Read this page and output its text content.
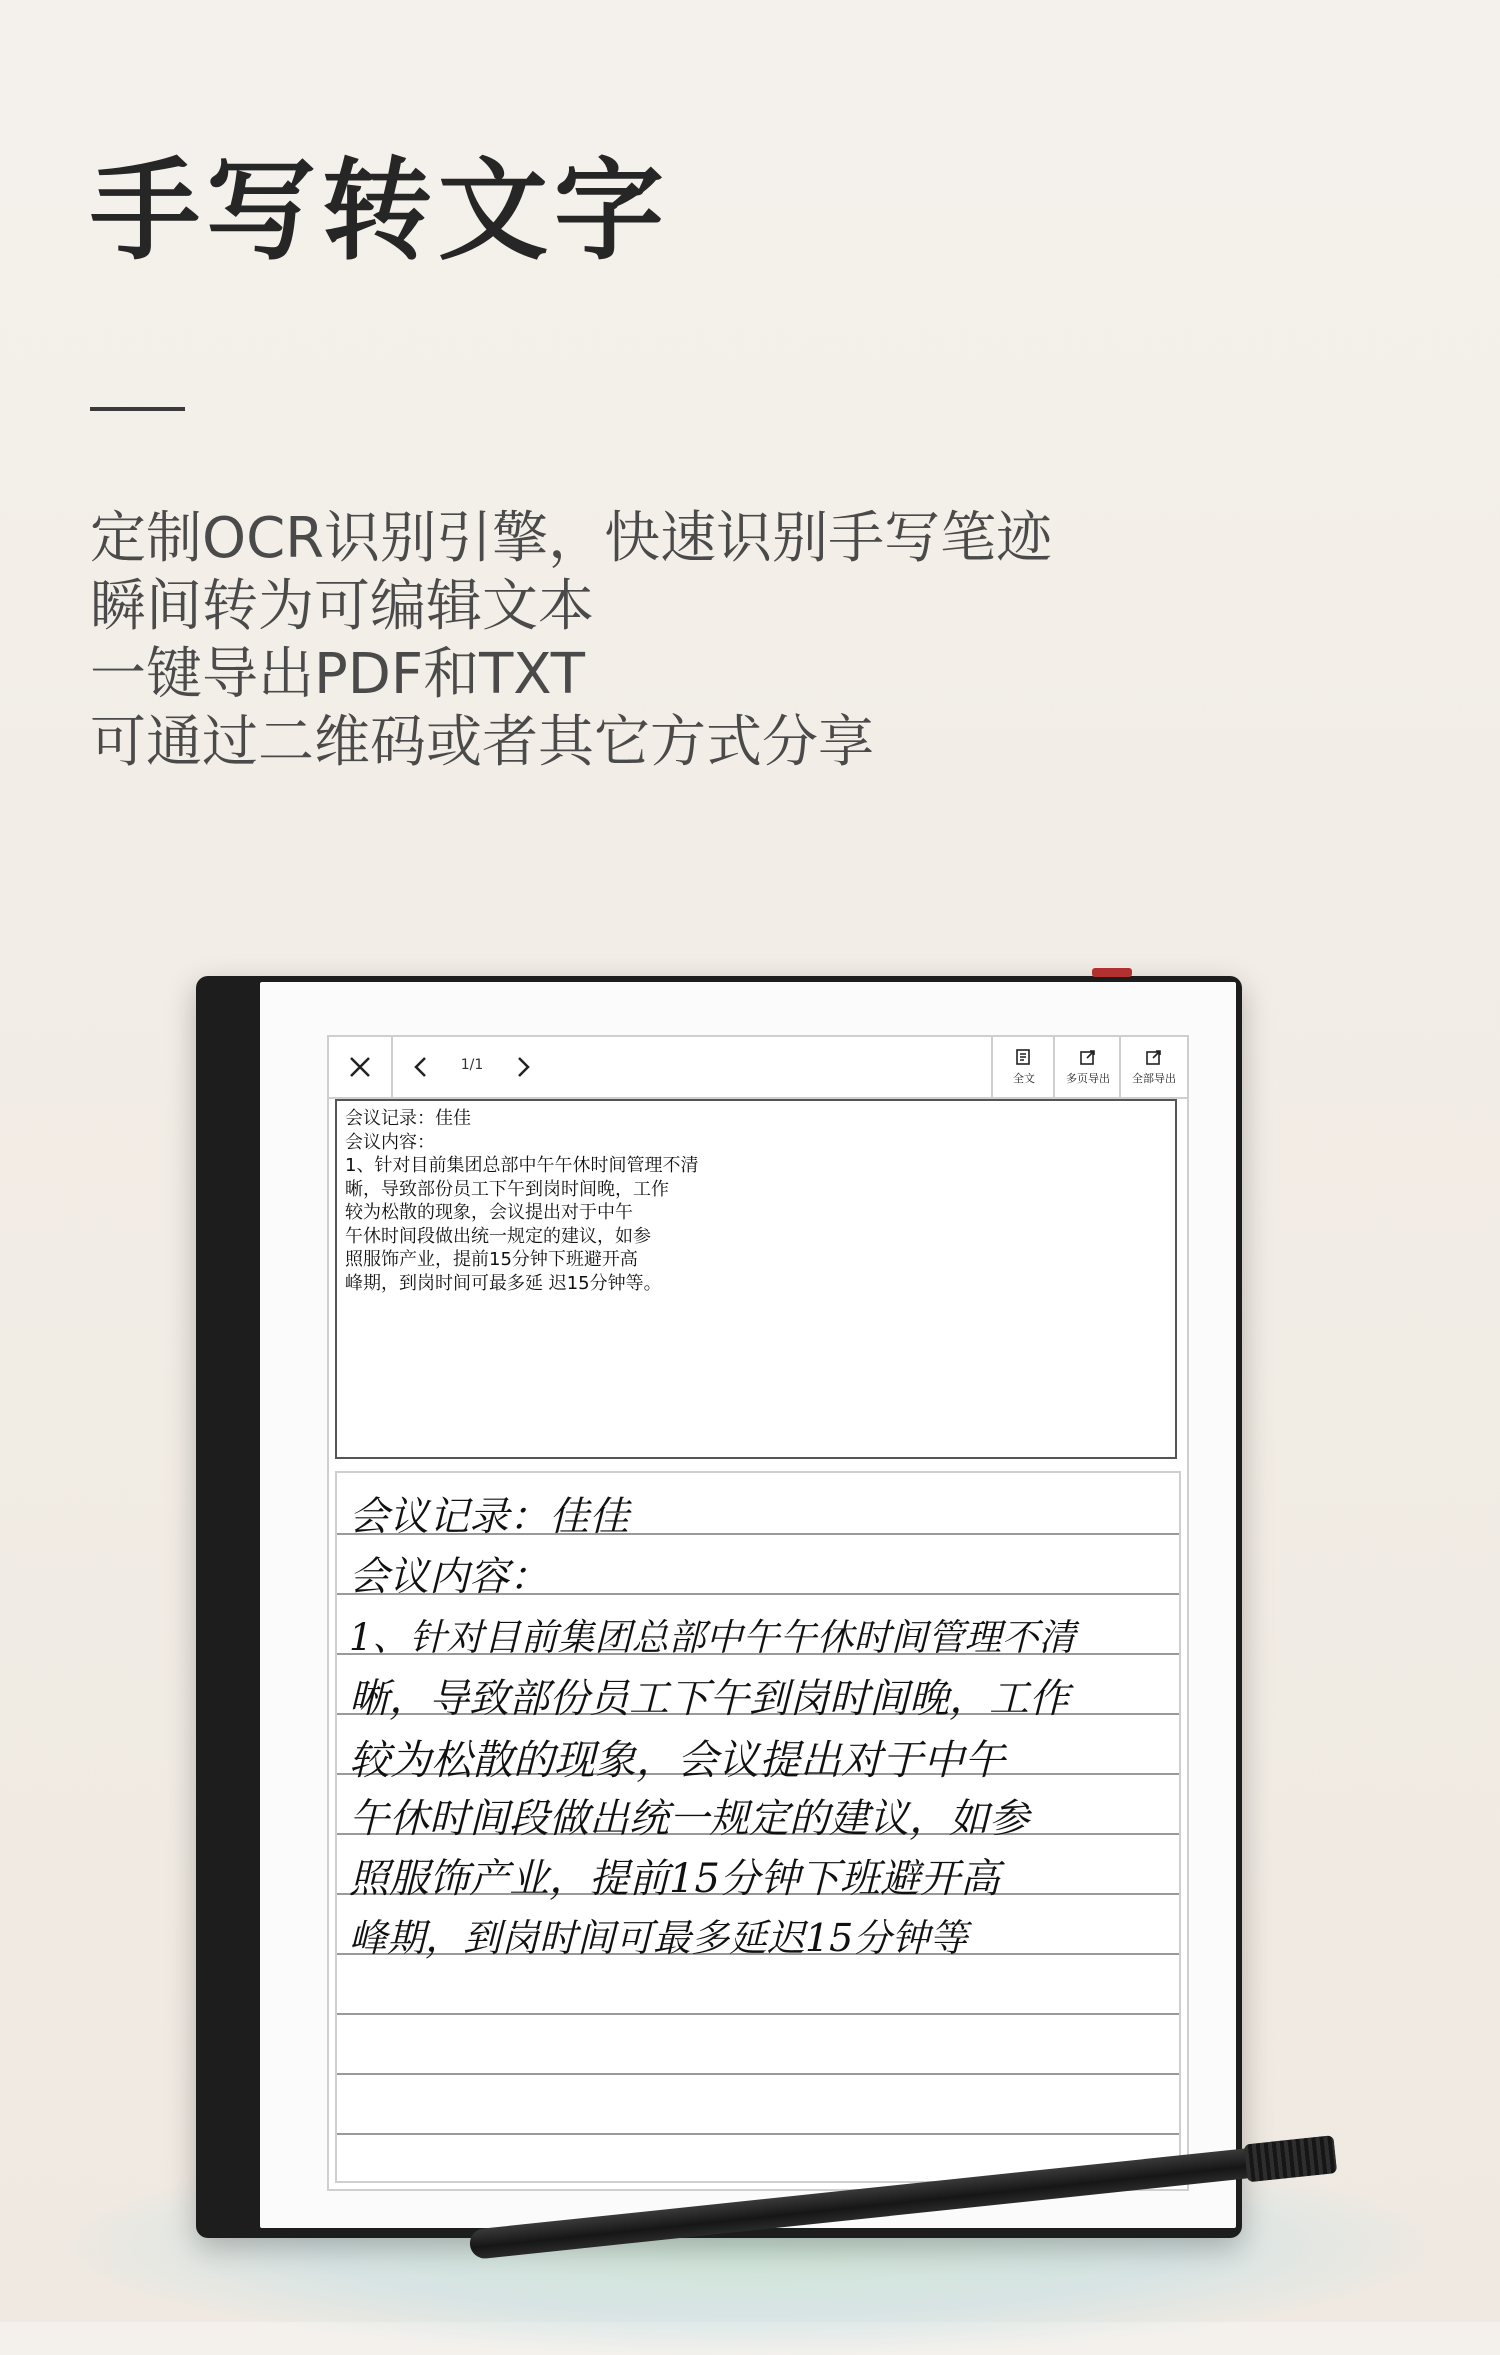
手写转文字
定制OCR识别引擎，快速识别手写笔迹
瞬间转为可编辑文本
一键导出PDF和TXT
可通过二维码或者其它方式分享
1/1
全文	多页导出 全部导出
会议记录：佳佳
会议内容：
1、针对目前集团总部中午午休时间管理不清
晰，导致部份员工下午到岗时间晚，工作
较为松散的现象，会议提出对于中午
午休时间段做出统一规定的建议，如参
照服饰产业，提前15分钟下班避开高
峰期，到岗时间可最多延 迟15分钟等。
会议记录：佳佳
会议内容：
1、针对目前集团总部中午午休时间管理不清
晰，导致部份员工下午到岗时间晚，工作
较为松散的现象，会议提出对于中午
午休时间段做出统一规定的建议，如参
照服饰产业，提前15分钟下班避开高
峰期，到岗时间可最多延迟15分钟等
